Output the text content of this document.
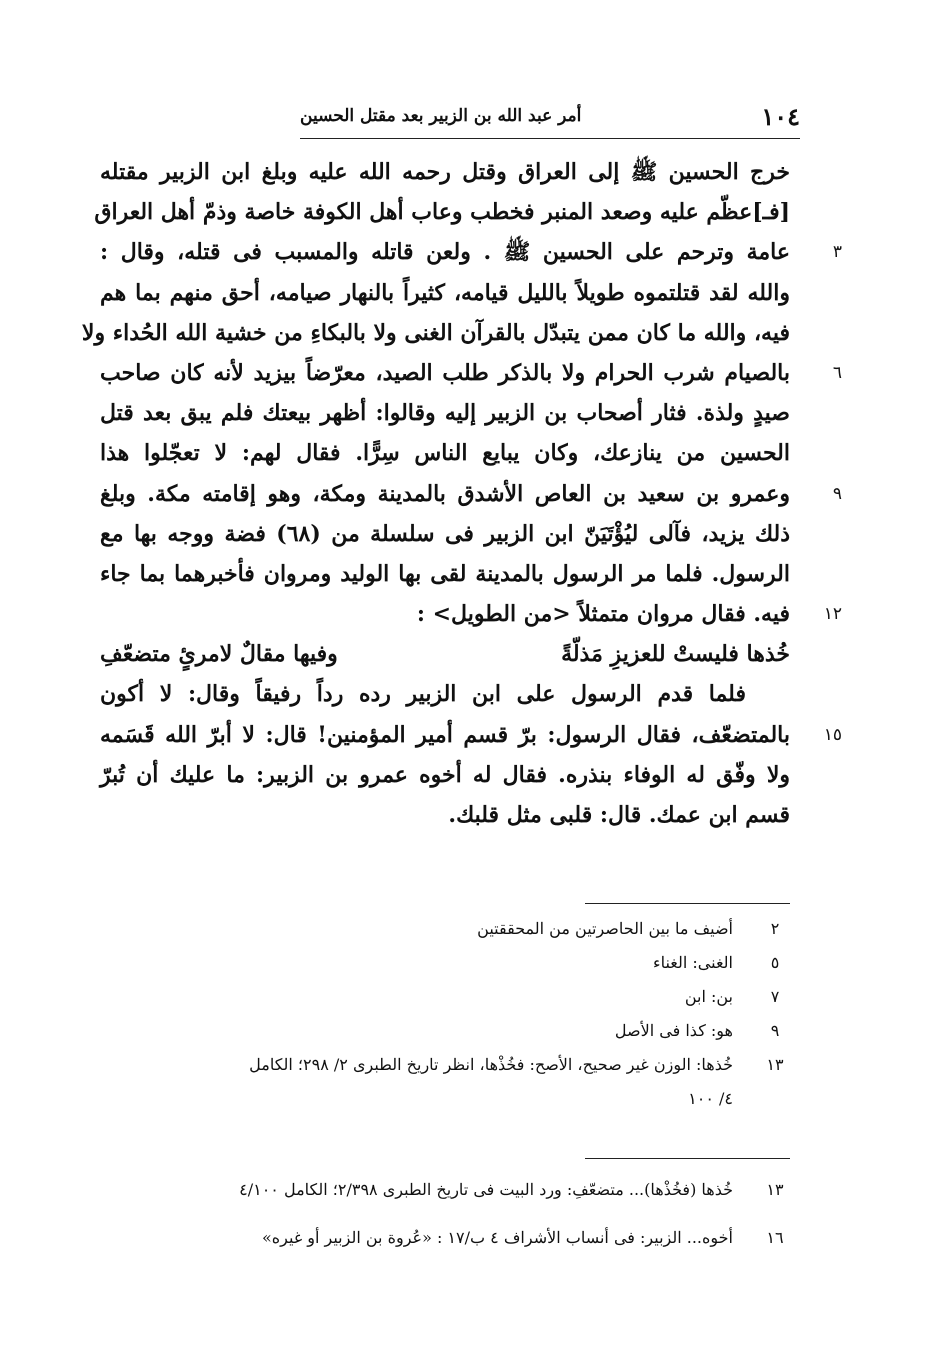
١٠٤
أمر عبد الله بن الزبير بعد مقتل الحسين
خرج الحسين ﷺ إلى العراق وقتل رحمه الله عليه وبلغ ابن الزبير مقتله
[فـ]عظّم عليه وصعد المنبر فخطب وعاب أهل الكوفة خاصة وذمّ أهل العراق
٣
عامة وترحم على الحسين ﷺ . ولعن قاتله والمسبب فى قتله، وقال :
والله لقد قتلتموه طويلاً بالليل قيامه، كثيراً بالنهار صيامه، أحق منهم بما هم
فيه، والله ما كان ممن يتبدّل بالقرآن الغنى ولا بالبكاءِ من خشية الله الحُداء ولا
٦
بالصيام شرب الحرام ولا بالذكر طلب الصيد، معرّضاً بيزيد لأنه كان صاحب
صيدٍ ولذة. فثار أصحاب بن الزبير إليه وقالوا: أظهر بيعتك فلم يبق بعد قتل
الحسين من ينازعك، وكان يبايع الناس سِرًّا. فقال لهم: لا تعجّلوا هذا
٩
وعمرو بن سعيد بن العاص الأشدق بالمدينة ومكة، وهو إقامته مكة. وبلغ
ذلك يزيد، فآلى ليُؤْتَيَنّ ابن الزبير فى سلسلة من (٦٨) فضة ووجه بها مع
الرسول. فلما مر الرسول بالمدينة لقى بها الوليد ومروان فأخبرهما بما جاء
١٢
فيه. فقال مروان متمثلاً <من الطويل> :
خُذها فليستْ للعزيزِ مَذلّةً
وفيها مقالٌ لامرئٍ متضعّفِ
فلما قدم الرسول على ابن الزبير رده رداً رفيقاً وقال: لا أكون
١٥
بالمتضعّف، فقال الرسول: برّ قسم أمير المؤمنين! قال: لا أبرّ الله قَسَمه
ولا وفّق له الوفاء بنذره. فقال له أخوه عمرو بن الزبير: ما عليك أن تُبرّ
قسم ابن عمك. قال: قلبى مثل قلبك.
٢
أضيف ما بين الحاصرتين من المحققتين
٥
الغنى: الغناء
٧
بن: ابن
٩
هو: كذا فى الأصل
١٣
خُذها: الوزن غير صحيح، الأصح: فخُذْها، انظر تاريخ الطبرى ٢/ ٢٩٨؛ الكامل
٤/ ١٠٠
١٣
خُذها (فخُذْها)... متضعّفِ: ورد البيت فى تاريخ الطبرى ٢/٣٩٨؛ الكامل ٤/١٠٠
١٦
أخوه... الزبير: فى أنساب الأشراف ٤ ب/١٧ : «عُروة بن الزبير أو غيره»
